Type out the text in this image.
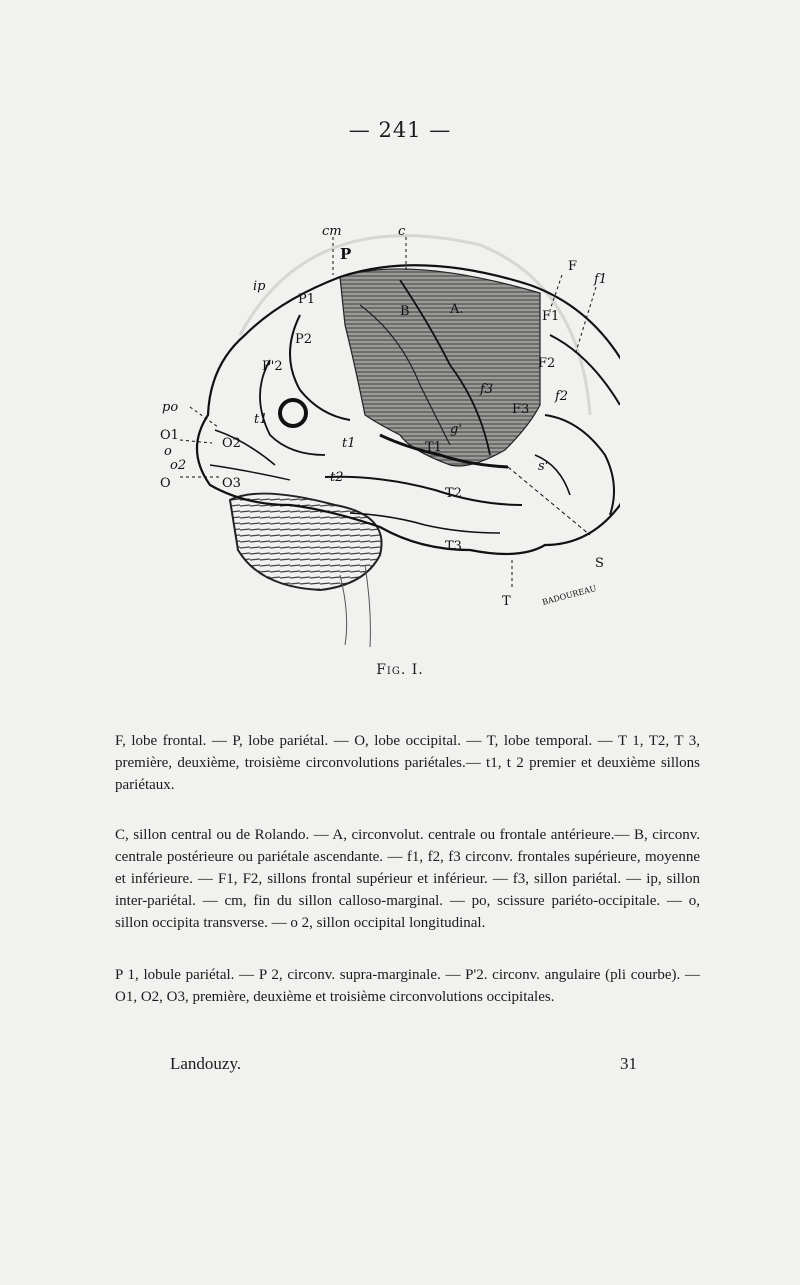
— 241 —
cm	c
P
F
f1
ip
P1
P2
P'2
F1
F2
f2
f3
F3
A.
B
g'
po
O1
o
o2
O
O2
O3
t1
t1
t2
T1
T2
T3
T
S
s'
BADOUREAU
Fig. I.
F, lobe frontal. — P, lobe pariétal. — O, lobe occipital. — T, lobe temporal. — T 1, T2, T 3, première, deuxième, troisième circonvolutions pariétales.— t1, t 2 premier et deuxième sillons pariétaux.
C, sillon central ou de Rolando. — A, circonvolut. centrale ou frontale antérieure.— B, circonv. centrale postérieure ou pariétale ascendante. — f1, f2, f3 circonv. frontales supérieure, moyenne et inférieure. — F1, F2, sillons frontal supérieur et inférieur. — f3, sillon pariétal. — ip, sillon inter-pariétal. — cm, fin du sillon calloso-marginal. — po, scissure pariéto-occipitale. — o, sillon occipita transverse. — o 2, sillon occipital longitudinal.
P 1, lobule pariétal. — P 2, circonv. supra-marginale. — P'2. circonv. angulaire (pli courbe). — O1, O2, O3, première, deuxième et troisième circonvolutions occipitales.
Landouzy.	31
